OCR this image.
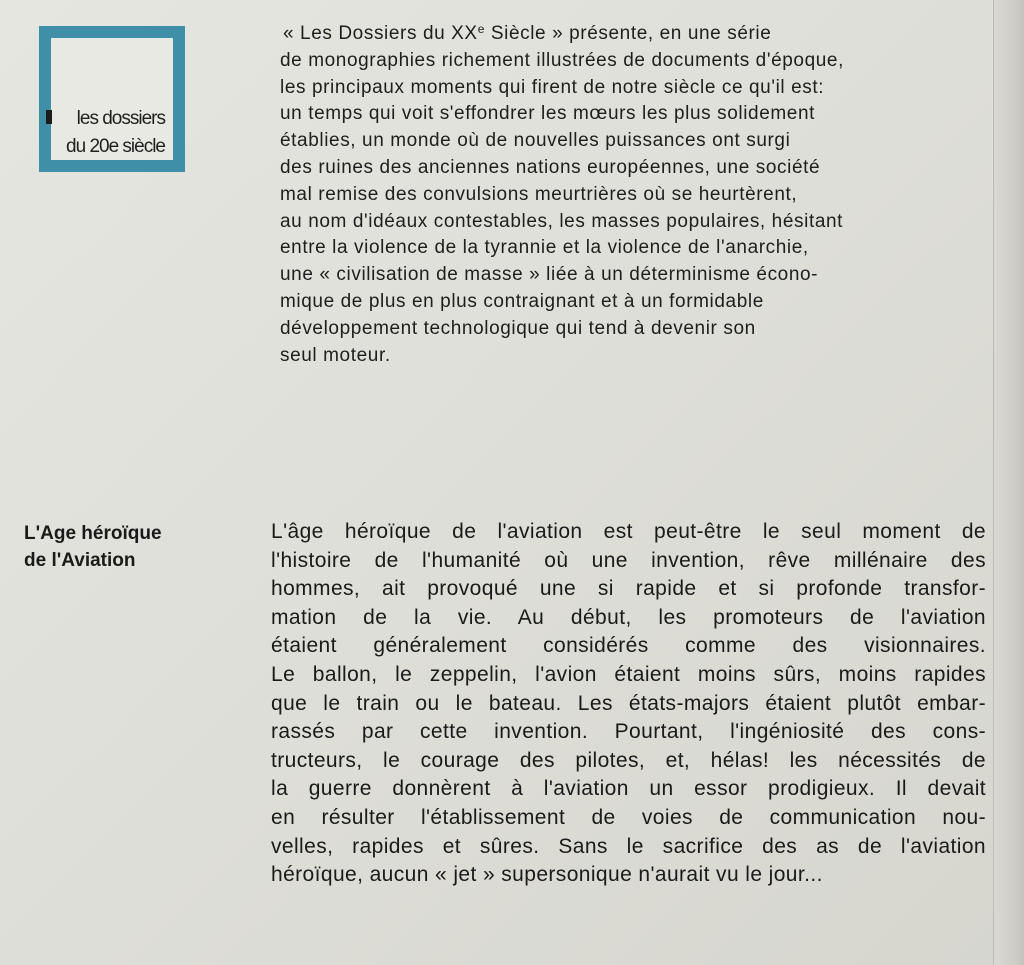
les dossiers
du 20e siècle
« Les Dossiers du XXe Siècle » présente, en une série
de monographies richement illustrées de documents d'époque,
les principaux moments qui firent de notre siècle ce qu'il est:
un temps qui voit s'effondrer les mœurs les plus solidement
établies, un monde où de nouvelles puissances ont surgi
des ruines des anciennes nations européennes, une société
mal remise des convulsions meurtrières où se heurtèrent,
au nom d'idéaux contestables, les masses populaires, hésitant
entre la violence de la tyrannie et la violence de l'anarchie,
une « civilisation de masse » liée à un déterminisme écono-
mique de plus en plus contraignant et à un formidable
développement technologique qui tend à devenir son
seul moteur.
L'Age héroïque
de l'Aviation
L'âge héroïque de l'aviation est peut-être le seul moment de
l'histoire de l'humanité où une invention, rêve millénaire des
hommes, ait provoqué une si rapide et si profonde transfor-
mation de la vie. Au début, les promoteurs de l'aviation
étaient généralement considérés comme des visionnaires.
Le ballon, le zeppelin, l'avion étaient moins sûrs, moins rapides
que le train ou le bateau. Les états-majors étaient plutôt embar-
rassés par cette invention. Pourtant, l'ingéniosité des cons-
tructeurs, le courage des pilotes, et, hélas! les nécessités de
la guerre donnèrent à l'aviation un essor prodigieux. Il devait
en résulter l'établissement de voies de communication nou-
velles, rapides et sûres. Sans le sacrifice des as de l'aviation
héroïque, aucun « jet » supersonique n'aurait vu le jour...
